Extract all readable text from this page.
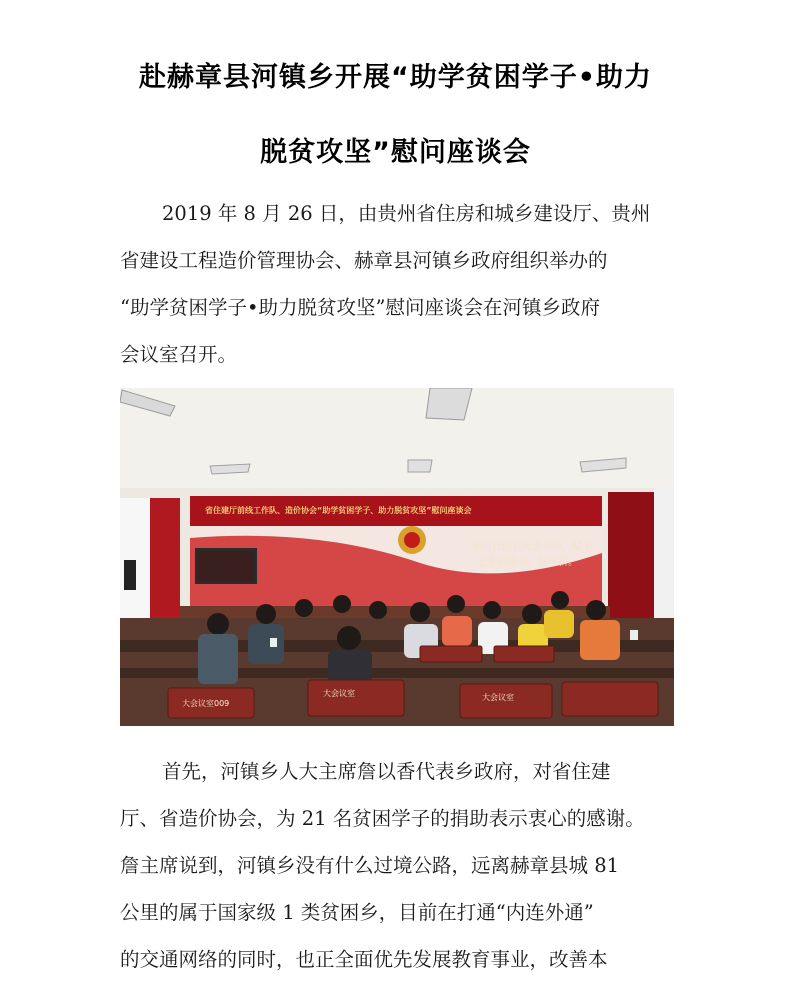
赴赫章县河镇乡开展“助学贫困学子•助力
脱贫攻坚”慰问座谈会
2019 年 8 月 26 日，由贵州省住房和城乡建设厅、贵州
省建设工程造价管理协会、赫章县河镇乡政府组织举办的
“助学贫困学子•助力脱贫攻坚”慰问座谈会在河镇乡政府
会议室召开。
省住建厅前线工作队、造价协会“助学贫困学子、助力脱贫攻坚”慰问座谈会
新时代的农民讲习所，赋予
它新的使命，这所新。
大会议室009
大会议室	大会议室
首先，河镇乡人大主席詹以香代表乡政府，对省住建
厅、省造价协会，为 21 名贫困学子的捐助表示衷心的感谢。
詹主席说到，河镇乡没有什么过境公路，远离赫章县城 81
公里的属于国家级 1 类贫困乡，目前在打通“内连外通”
的交通网络的同时，也正全面优先发展教育事业，改善本
